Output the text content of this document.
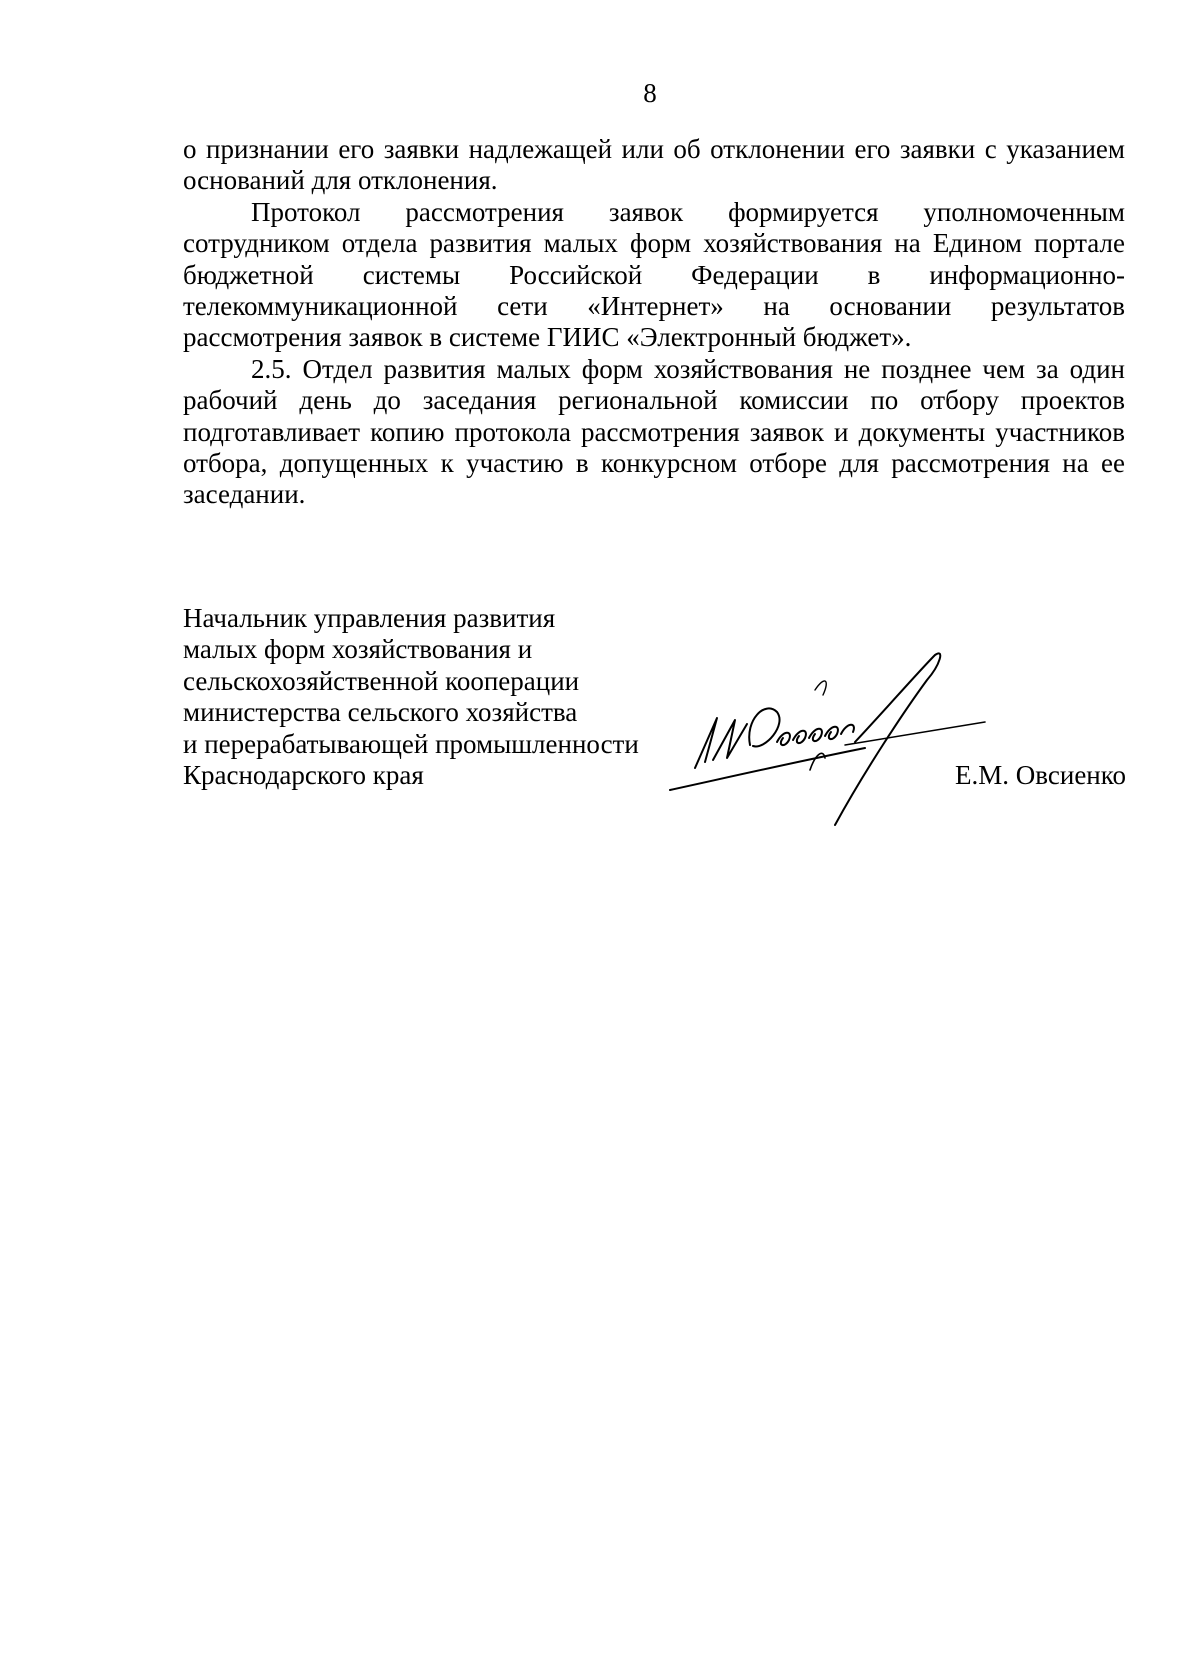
8

о признании его заявки надлежащей или об отклонении его заявки с указанием оснований для отклонения.

Протокол рассмотрения заявок формируется уполномоченным сотрудником отдела развития малых форм хозяйствования на Едином портале бюджетной системы Российской Федерации в информационно-телекоммуникационной сети «Интернет» на основании результатов рассмотрения заявок в системе ГИИС «Электронный бюджет».

2.5. Отдел развития малых форм хозяйствования не позднее чем за один рабочий день до заседания региональной комиссии по отбору проектов подготавливает копию протокола рассмотрения заявок и документы участников отбора, допущенных к участию в конкурсном отборе для рассмотрения на ее заседании.

Начальник управления развития
малых форм хозяйствования и
сельскохозяйственной кооперации
министерства сельского хозяйства
и перерабатывающей промышленности
Краснодарского края	Е.М. Овсиенко
